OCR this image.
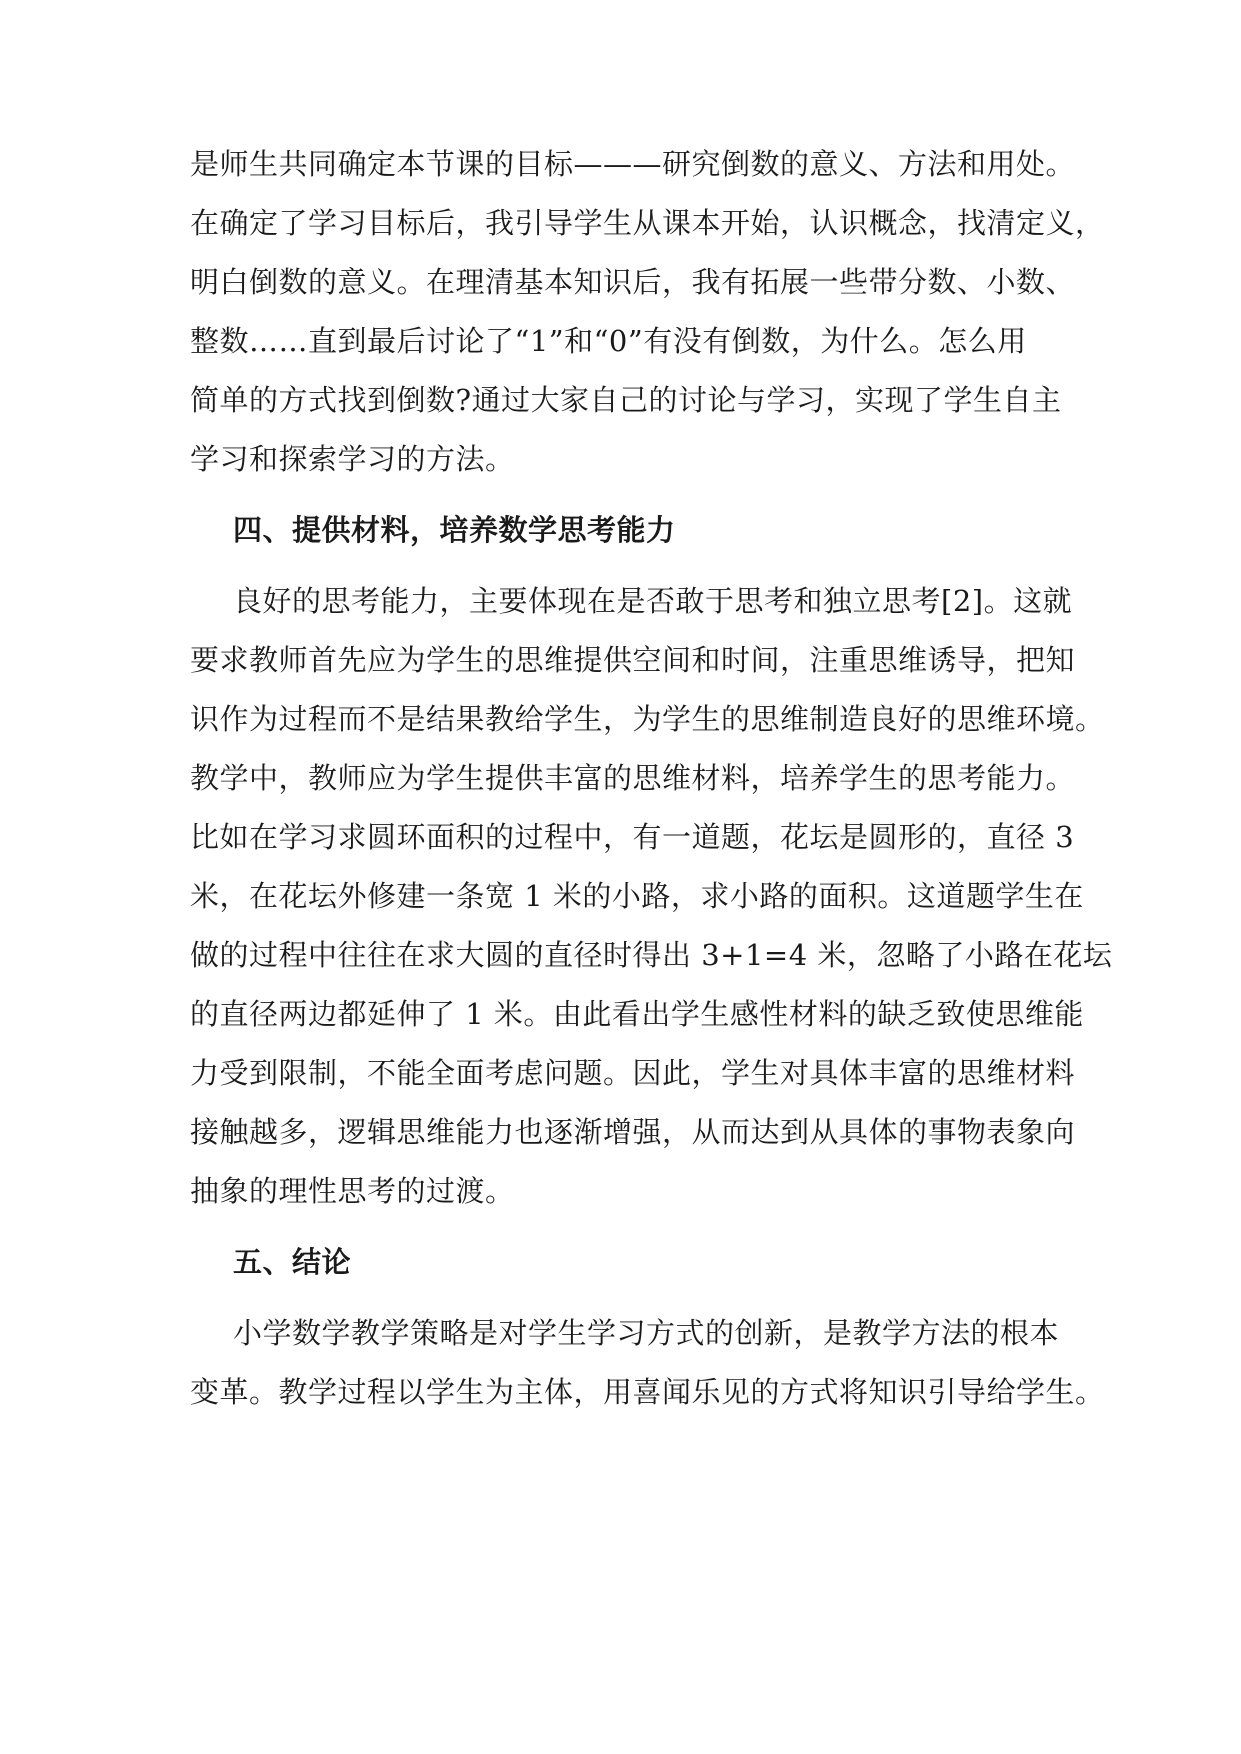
是师生共同确定本节课的目标———研究倒数的意义、方法和用处。
在确定了学习目标后，我引导学生从课本开始，认识概念，找清定义，
明白倒数的意义。在理清基本知识后，我有拓展一些带分数、小数、
整数……直到最后讨论了“1”和“0”有没有倒数，为什么。怎么用
简单的方式找到倒数?通过大家自己的讨论与学习，实现了学生自主
学习和探索学习的方法。
四、提供材料，培养数学思考能力
良好的思考能力，主要体现在是否敢于思考和独立思考[2]。这就
要求教师首先应为学生的思维提供空间和时间，注重思维诱导，把知
识作为过程而不是结果教给学生，为学生的思维制造良好的思维环境。
教学中，教师应为学生提供丰富的思维材料，培养学生的思考能力。
比如在学习求圆环面积的过程中，有一道题，花坛是圆形的，直径 3
米，在花坛外修建一条宽 1 米的小路，求小路的面积。这道题学生在
做的过程中往往在求大圆的直径时得出 3+1=4 米，忽略了小路在花坛
的直径两边都延伸了 1 米。由此看出学生感性材料的缺乏致使思维能
力受到限制，不能全面考虑问题。因此，学生对具体丰富的思维材料
接触越多，逻辑思维能力也逐渐增强，从而达到从具体的事物表象向
抽象的理性思考的过渡。
五、结论
小学数学教学策略是对学生学习方式的创新，是教学方法的根本
变革。教学过程以学生为主体，用喜闻乐见的方式将知识引导给学生。
